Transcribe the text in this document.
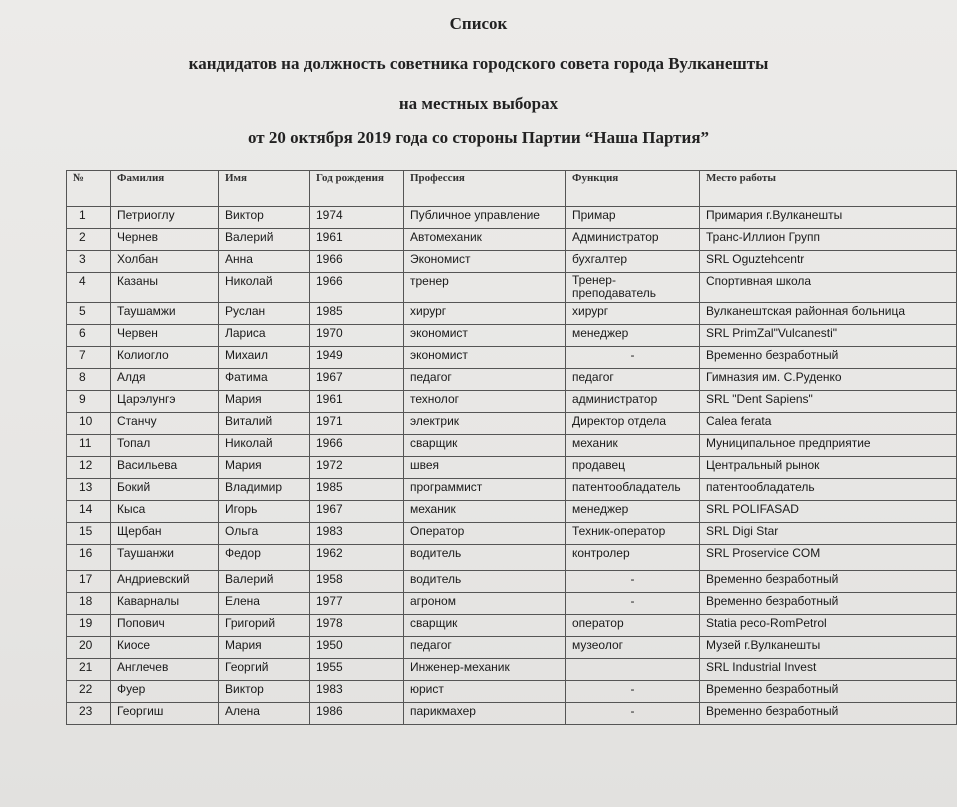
Список
кандидатов на должность советника городского совета города Вулканешты
на местных выборах
от 20 октября 2019 года со стороны Партии “Наша Партия”
№	Фамилия	Имя	Год рождения	Профессия	Функция	Место работы
1	Петриоглу	Виктор	1974	Публичное управление	Примар	Примария г.Вулканешты
2	Чернев	Валерий	1961	Автомеханик	Администратор	Транс-Иллион Групп
3	Холбан	Анна	1966	Экономист	бухгалтер	SRL Oguztehcentr
4	Казаны	Николай	1966	тренер	Тренер-преподаватель	Спортивная школа
5	Таушамжи	Руслан	1985	хирург	хирург	Вулканештская районная больница
6	Червен	Лариса	1970	экономист	менеджер	SRL PrimZal"Vulcanesti"
7	Колиогло	Михаил	1949	экономист	-	Временно безработный
8	Алдя	Фатима	1967	педагог	педагог	Гимназия им. С.Руденко
9	Царэлунгэ	Мария	1961	технолог	администратор	SRL "Dent Sapiens"
10	Станчу	Виталий	1971	электрик	Директор отдела	Calea ferata
11	Топал	Николай	1966	сварщик	механик	Муниципальное предприятие
12	Васильева	Мария	1972	швея	продавец	Центральный рынок
13	Бокий	Владимир	1985	программист	патентообладатель	патентообладатель
14	Кыса	Игорь	1967	механик	менеджер	SRL POLIFASAD
15	Щербан	Ольга	1983	Оператор	Техник-оператор	SRL Digi Star
16	Таушанжи	Федор	1962	водитель	контролер	SRL Proservice COM
17	Андриевский	Валерий	1958	водитель	-	Временно безработный
18	Каварналы	Елена	1977	агроном	-	Временно безработный
19	Попович	Григорий	1978	сварщик	оператор	Statia peco-RomPetrol
20	Киосе	Мария	1950	педагог	музеолог	Музей г.Вулканешты
21	Англечев	Георгий	1955	Инженер-механик		SRL Industrial Invest
22	Фуер	Виктор	1983	юрист	-	Временно безработный
23	Георгиш	Алена	1986	парикмахер	-	Временно безработный
